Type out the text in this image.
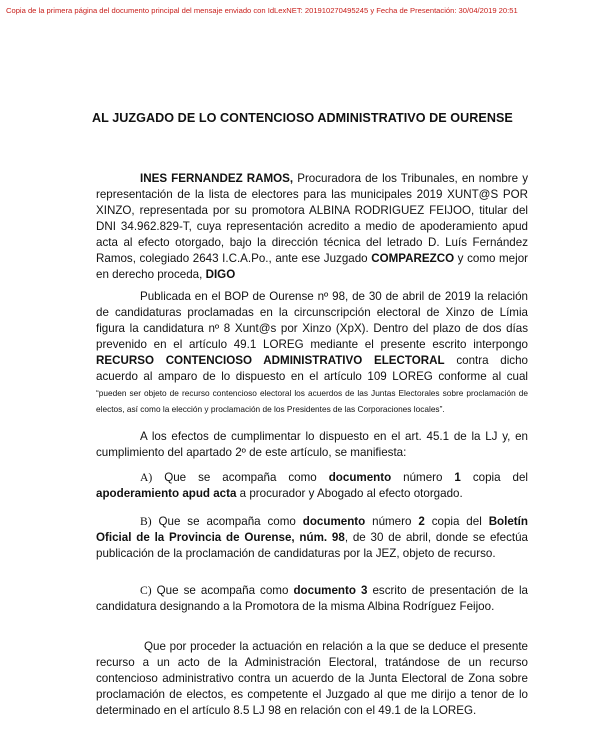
Copia de la primera página del documento principal del mensaje enviado con IdLexNET: 201910270495245 y Fecha de Presentación: 30/04/2019 20:51
AL JUZGADO DE LO CONTENCIOSO ADMINISTRATIVO DE OURENSE
INES FERNANDEZ RAMOS, Procuradora de los Tribunales, en nombre y representación de la lista de electores para las municipales 2019 XUNT@S POR XINZO, representada por su promotora ALBINA RODRIGUEZ FEIJOO, titular del DNI 34.962.829-T, cuya representación acredito a medio de apoderamiento apud acta al efecto otorgado, bajo la dirección técnica del letrado D. Luís Fernández Ramos, colegiado 2643 I.C.A.Po., ante ese Juzgado COMPAREZCO y como mejor en derecho proceda, DIGO
Publicada en el BOP de Ourense nº 98, de 30 de abril de 2019 la relación de candidaturas proclamadas en la circunscripción electoral de Xinzo de Límia figura la candidatura nº 8 Xunt@s por Xinzo (XpX). Dentro del plazo de dos días prevenido en el artículo 49.1 LOREG mediante el presente escrito interpongo RECURSO CONTENCIOSO ADMINISTRATIVO ELECTORAL contra dicho acuerdo al amparo de lo dispuesto en el artículo 109 LOREG conforme al cual “pueden ser objeto de recurso contencioso electoral los acuerdos de las Juntas Electorales sobre proclamación de electos, así como la elección y proclamación de los Presidentes de las Corporaciones locales”.
A los efectos de cumplimentar lo dispuesto en el art. 45.1 de la LJ y, en cumplimiento del apartado 2º de este artículo, se manifiesta:
A) Que se acompaña como documento número 1 copia del apoderamiento apud acta a procurador y Abogado al efecto otorgado.
B) Que se acompaña como documento número 2 copia del Boletín Oficial de la Provincia de Ourense, núm. 98, de 30 de abril, donde se efectúa publicación de la proclamación de candidaturas por la JEZ, objeto de recurso.
C) Que se acompaña como documento 3 escrito de presentación de la candidatura designando a la Promotora de la misma Albina Rodríguez Feijoo.
Que por proceder la actuación en relación a la que se deduce el presente recurso a un acto de la Administración Electoral, tratándose de un recurso contencioso administrativo contra un acuerdo de la Junta Electoral de Zona sobre proclamación de electos, es competente el Juzgado al que me dirijo a tenor de lo determinado en el artículo 8.5 LJ 98 en relación con el 49.1 de la LOREG.
